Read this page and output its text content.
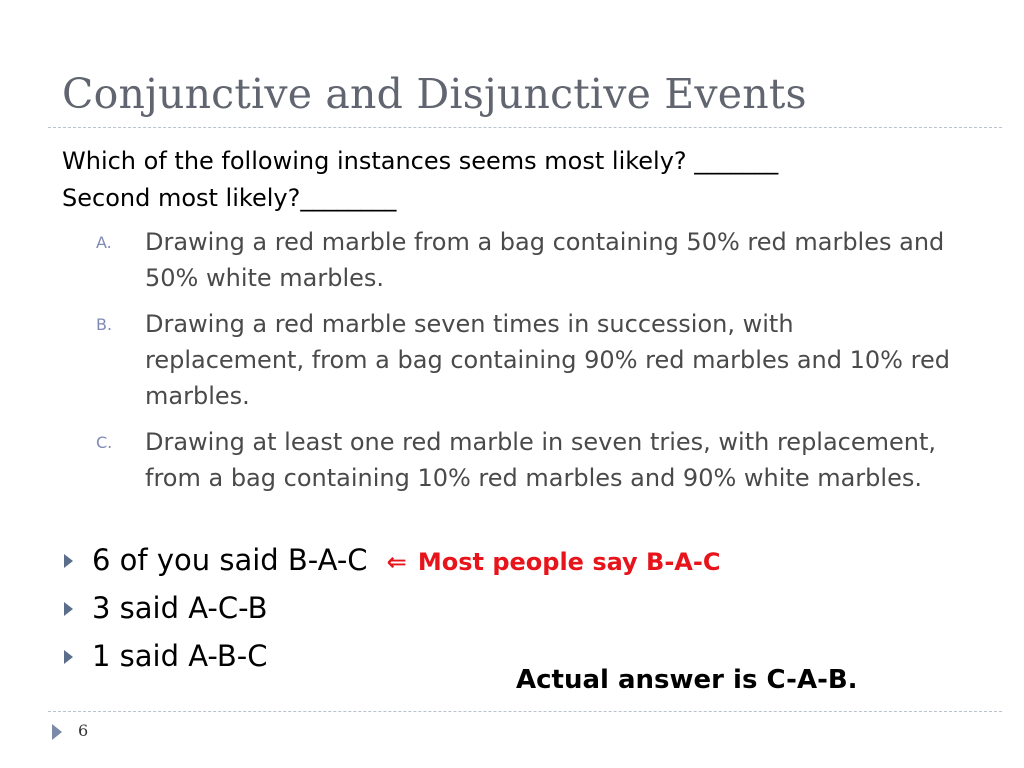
Conjunctive and Disjunctive Events
Which of the following instances seems most likely? _______
Second most likely?________
A. Drawing a red marble from a bag containing 50% red marbles and 50% white marbles.
B. Drawing a red marble seven times in succession, with replacement, from a bag containing 90% red marbles and 10% red marbles.
C. Drawing at least one red marble in seven tries, with replacement, from a bag containing 10% red marbles and 90% white marbles.
6 of you said B-A-C ⇐ Most people say B-A-C
3 said A-C-B
1 said A-B-C
Actual answer is C-A-B.
6
